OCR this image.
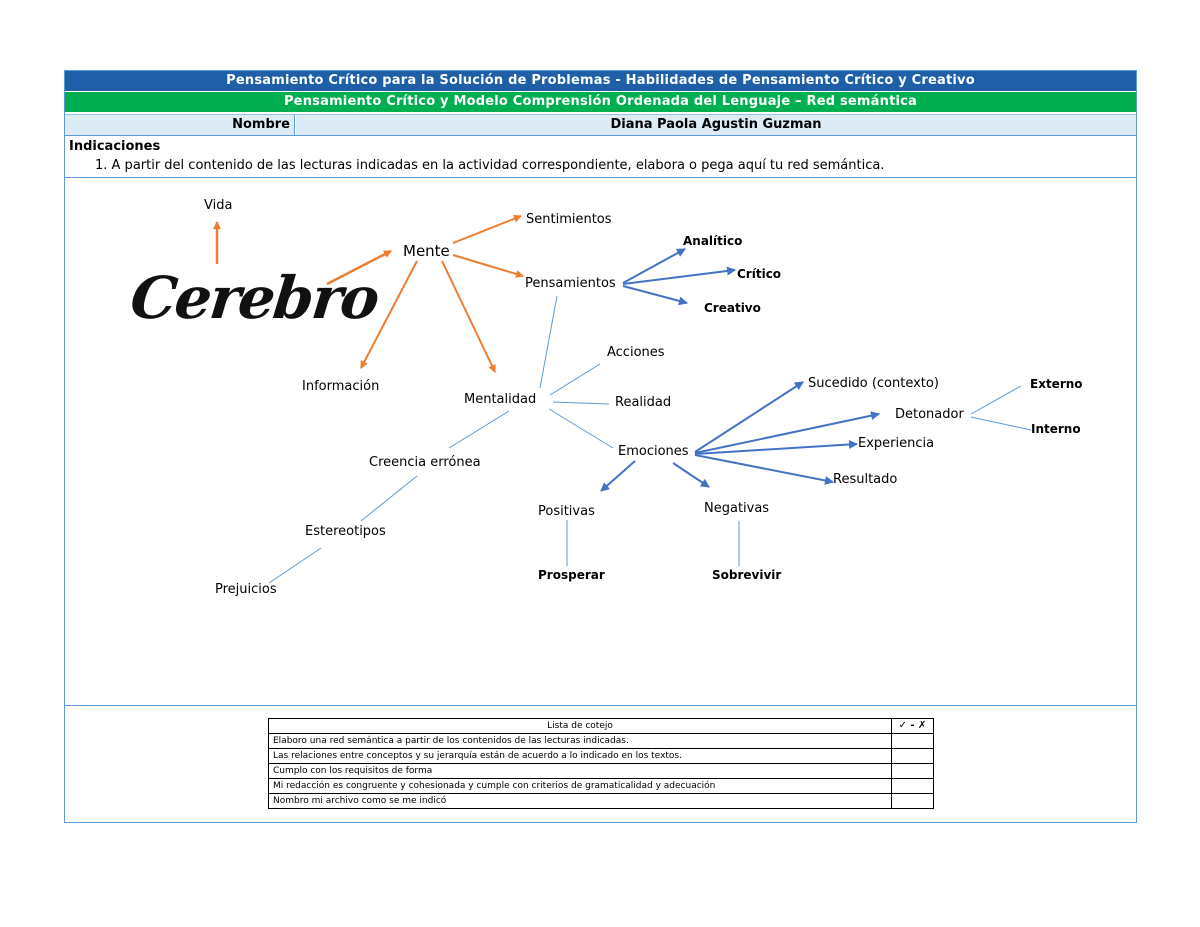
Pensamiento Crítico para la Solución de Problemas - Habilidades de Pensamiento Crítico y Creativo
Pensamiento Crítico y Modelo Comprensión Ordenada del Lenguaje – Red semántica
Nombre	Diana Paola Agustin Guzman
Indicaciones
1. A partir del contenido de las lecturas indicadas en la actividad correspondiente, elabora o pega aquí tu red semántica.
Cerebro
Vida
Mente
Sentimientos
Pensamientos
Analítico
Crítico
Creativo
Información
Mentalidad
Acciones
Realidad
Emociones
Sucedido (contexto)
Detonador
Externo
Interno
Experiencia
Resultado
Positivas	Negativas
Prosperar	Sobrevivir
Creencia errónea
Estereotipos
Prejuicios
Lista de cotejo	✓ - ✗
Elaboro una red semántica a partir de los contenidos de las lecturas indicadas.	
Las relaciones entre conceptos y su jerarquía están de acuerdo a lo indicado en los textos.	
Cumplo con los requisitos de forma	
Mi redacción es congruente y cohesionada y cumple con criterios de gramaticalidad y adecuación	
Nombro mi archivo como se me indicó	
